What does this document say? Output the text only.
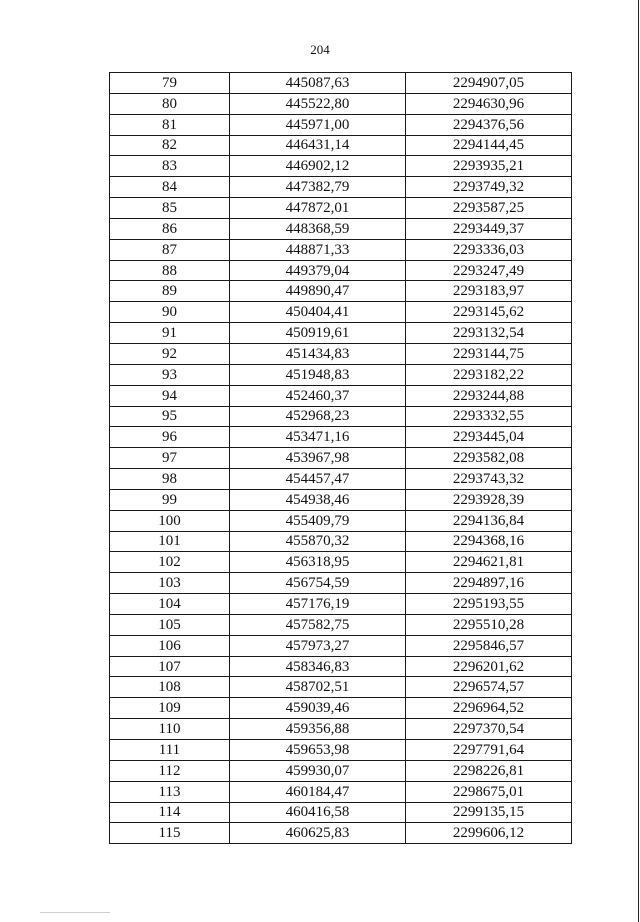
204
79	445087,63	2294907,05
80	445522,80	2294630,96
81	445971,00	2294376,56
82	446431,14	2294144,45
83	446902,12	2293935,21
84	447382,79	2293749,32
85	447872,01	2293587,25
86	448368,59	2293449,37
87	448871,33	2293336,03
88	449379,04	2293247,49
89	449890,47	2293183,97
90	450404,41	2293145,62
91	450919,61	2293132,54
92	451434,83	2293144,75
93	451948,83	2293182,22
94	452460,37	2293244,88
95	452968,23	2293332,55
96	453471,16	2293445,04
97	453967,98	2293582,08
98	454457,47	2293743,32
99	454938,46	2293928,39
100	455409,79	2294136,84
101	455870,32	2294368,16
102	456318,95	2294621,81
103	456754,59	2294897,16
104	457176,19	2295193,55
105	457582,75	2295510,28
106	457973,27	2295846,57
107	458346,83	2296201,62
108	458702,51	2296574,57
109	459039,46	2296964,52
110	459356,88	2297370,54
111	459653,98	2297791,64
112	459930,07	2298226,81
113	460184,47	2298675,01
114	460416,58	2299135,15
115	460625,83	2299606,12
